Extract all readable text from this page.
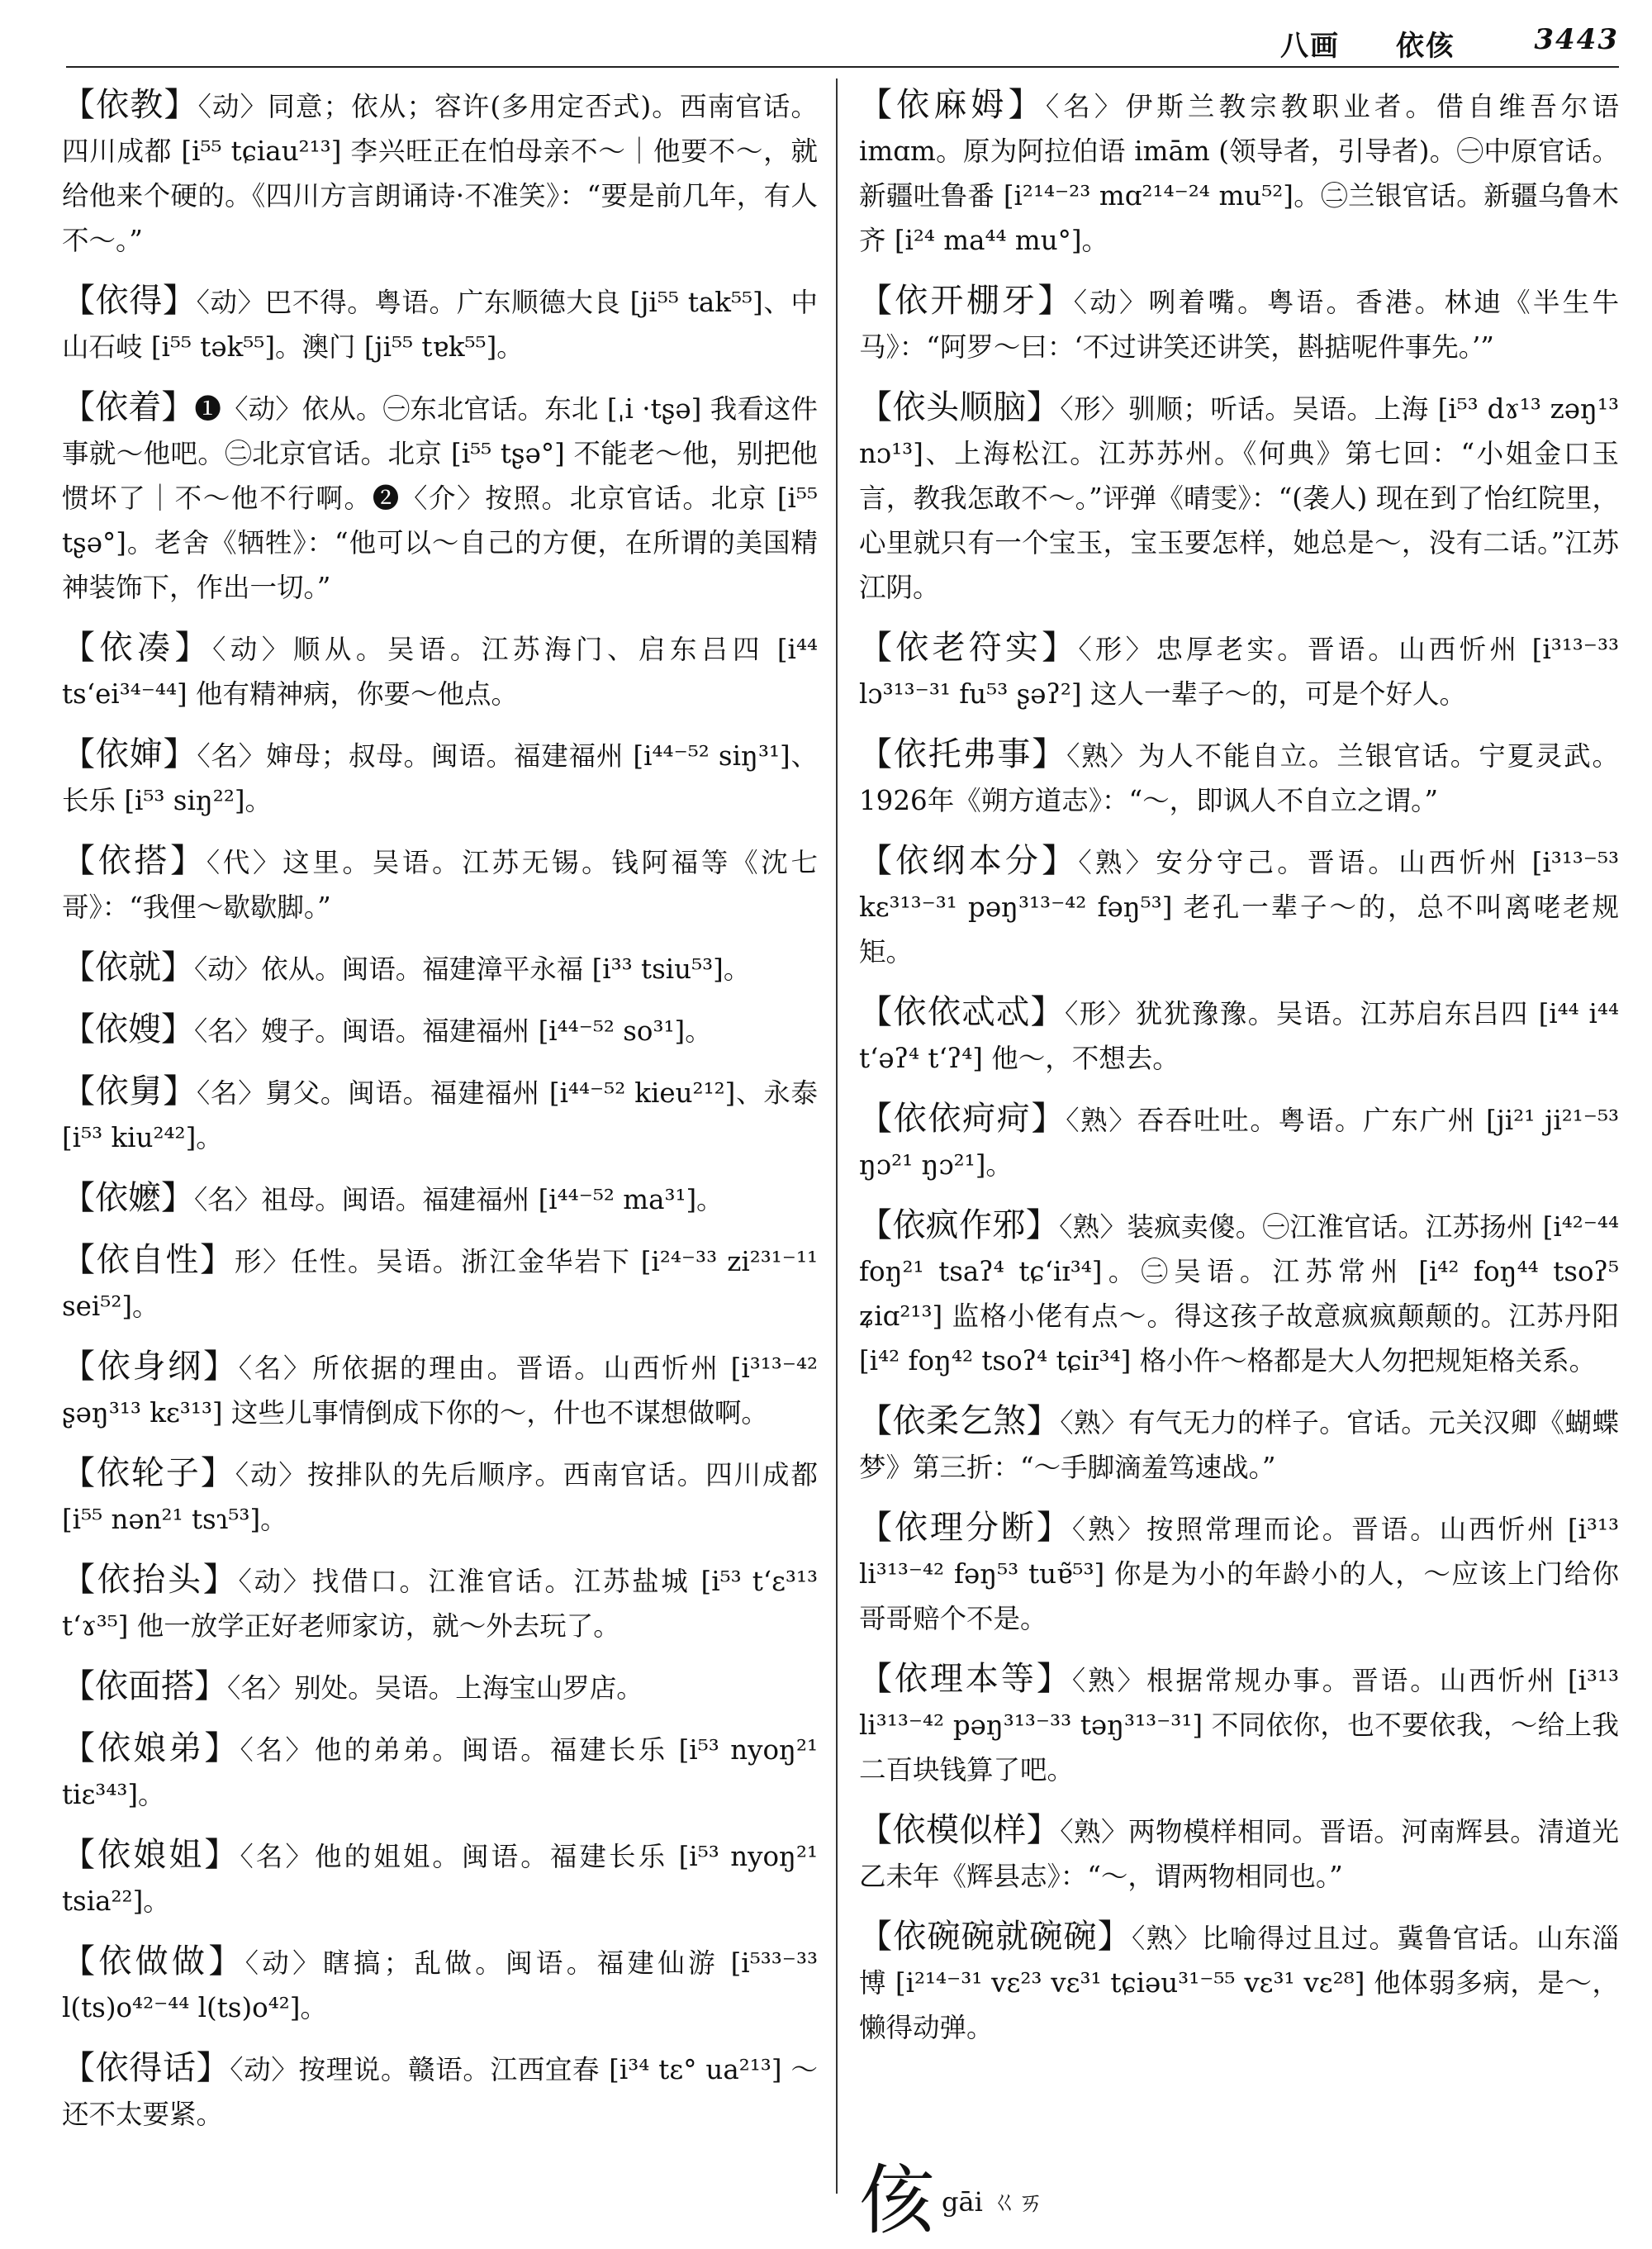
八画 依侅	3443
【 依教 】 〈动〉同意；依从；容许(多用定否式)。西南官话。四川成都 [i⁵⁵ tɕiau²¹³] 李兴旺正在怕母亲不～｜他要不～，就给他来个硬的。《四川方言朗诵诗·不准笑》：“要是前几年，有人不～。”
【 依得 】 〈动〉巴不得。粤语。广东顺德大良 [ji⁵⁵ tak⁵⁵]、中山石岐 [i⁵⁵ tək⁵⁵]。澳门 [ji⁵⁵ tɐk⁵⁵]。
【 依着 】 ❶〈动〉依从。㊀东北官话。东北 [ˌi ·tʂə] 我看这件事就～他吧。㊁北京官话。北京 [i⁵⁵ tʂə°] 不能老～他，别把他惯坏了｜不～他不行啊。❷〈介〉按照。北京官话。北京 [i⁵⁵ tʂə°]。老舍《牺牲》：“他可以～自己的方便，在所谓的美国精神装饰下，作出一切。”
【 依凑 】 〈动〉顺从。吴语。江苏海门、启东吕四 [i⁴⁴ ts‘ei³⁴⁻⁴⁴] 他有精神病，你要～他点。
【 依婶 】 〈名〉婶母；叔母。闽语。福建福州 [i⁴⁴⁻⁵² siŋ³¹]、长乐 [i⁵³ siŋ²²]。
【 依搭 】 〈代〉这里。吴语。江苏无锡。钱阿福等《沈七哥》：“我俚～歇歇脚。”
【 依就 】 〈动〉依从。闽语。福建漳平永福 [i³³ tsiu⁵³]。
【 依嫂 】 〈名〉嫂子。闽语。福建福州 [i⁴⁴⁻⁵² so³¹]。
【 依舅 】 〈名〉舅父。闽语。福建福州 [i⁴⁴⁻⁵² kieu²¹²]、永泰 [i⁵³ kiu²⁴²]。
【 依嬷 】 〈名〉祖母。闽语。福建福州 [i⁴⁴⁻⁵² ma³¹]。
【 依自性 】 形〉任性。吴语。浙江金华岩下 [i²⁴⁻³³ zi²³¹⁻¹¹ sei⁵²]。
【 依身纲 】 〈名〉所依据的理由。晋语。山西忻州 [i³¹³⁻⁴² ʂəŋ³¹³ kɛ³¹³] 这些儿事情倒成下你的～，什也不谋想做啊。
【 依轮子 】 〈动〉按排队的先后顺序。西南官话。四川成都 [i⁵⁵ nən²¹ tsɿ⁵³]。
【 依抬头 】 〈动〉找借口。江淮官话。江苏盐城 [i⁵³ t‘ɛ³¹³ t‘ɤ³⁵] 他一放学正好老师家访，就～外去玩了。
【 依面搭 】 〈名〉别处。吴语。上海宝山罗店。
【 依娘弟 】 〈名〉他的弟弟。闽语。福建长乐 [i⁵³ nyoŋ²¹ tiɛ³⁴³]。
【 依娘姐 】 〈名〉他的姐姐。闽语。福建长乐 [i⁵³ nyoŋ²¹ tsia²²]。
【 依做做 】 〈动〉瞎搞；乱做。闽语。福建仙游 [i⁵³³⁻³³ l(ts)o⁴²⁻⁴⁴ l(ts)o⁴²]。
【 依得话 】 〈动〉按理说。赣语。江西宜春 [i³⁴ tɛ° ua²¹³] ～还不太要紧。
【 依麻姆 】 〈名〉伊斯兰教宗教职业者。借自维吾尔语 imɑm。原为阿拉伯语 imām (领导者，引导者)。㊀中原官话。新疆吐鲁番 [i²¹⁴⁻²³ mɑ²¹⁴⁻²⁴ mu⁵²]。㊁兰银官话。新疆乌鲁木齐 [i²⁴ ma⁴⁴ mu°]。
【 依开棚牙 】 〈动〉咧着嘴。粤语。香港。林迪《半生牛马》：“阿罗～曰：‘不过讲笑还讲笑，斟掂呢件事先。’”
【 依头顺脑 】 〈形〉驯顺；听话。吴语。上海 [i⁵³ dɤ¹³ zəŋ¹³ nɔ¹³]、上海松江。江苏苏州。《何典》第七回：“小姐金口玉言，教我怎敢不～。”评弹《晴雯》：“(袭人) 现在到了怡红院里，心里就只有一个宝玉，宝玉要怎样，她总是～，没有二话。”江苏江阴。
【 依老符实 】 〈形〉忠厚老实。晋语。山西忻州 [i³¹³⁻³³ lɔ³¹³⁻³¹ fu⁵³ ʂəʔ²] 这人一辈子～的，可是个好人。
【 依托弗事 】 〈熟〉为人不能自立。兰银官话。宁夏灵武。1926年《朔方道志》：“～，即讽人不自立之谓。”
【 依纲本分 】 〈熟〉安分守己。晋语。山西忻州 [i³¹³⁻⁵³ kɛ³¹³⁻³¹ pəŋ³¹³⁻⁴² fəŋ⁵³] 老孔一辈子～的，总不叫离咾老规矩。
【 依依忒忒 】 〈形〉犹犹豫豫。吴语。江苏启东吕四 [i⁴⁴ i⁴⁴ t‘əʔ⁴ t‘ʔ⁴] 他～，不想去。
【 依依疴疴 】 〈熟〉吞吞吐吐。粤语。广东广州 [ji²¹ ji²¹⁻⁵³ ŋɔ²¹ ŋɔ²¹]。
【 依疯作邪 】 〈熟〉装疯卖傻。㊀江淮官话。江苏扬州 [i⁴²⁻⁴⁴ foŋ²¹ tsaʔ⁴ tɕ‘iɪ³⁴]。㊁吴语。江苏常州 [i⁴² foŋ⁴⁴ tsoʔ⁵ ʑiɑ²¹³] 监格小佬有点～。得这孩子故意疯疯颠颠的。江苏丹阳 [i⁴² foŋ⁴² tsoʔ⁴ tɕiɪ³⁴] 格小仵～格都是大人勿把规矩格关系。
【 依柔乞煞 】 〈熟〉有气无力的样子。官话。元关汉卿《蝴蝶梦》第三折：“～手脚滴羞笃速战。”
【 依理分断 】 〈熟〉按照常理而论。晋语。山西忻州 [i³¹³ li³¹³⁻⁴² fəŋ⁵³ tuɐ̃⁵³] 你是为小的年龄小的人，～应该上门给你哥哥赔个不是。
【 依理本等 】 〈熟〉根据常规办事。晋语。山西忻州 [i³¹³ li³¹³⁻⁴² pəŋ³¹³⁻³³ təŋ³¹³⁻³¹] 不同依你，也不要依我，～给上我二百块钱算了吧。
【 依模似样 】 〈熟〉两物模样相同。晋语。河南辉县。清道光乙未年《辉县志》：“～，谓两物相同也。”
【 依碗碗就碗碗 】 〈熟〉比喻得过且过。冀鲁官话。山东淄博 [i²¹⁴⁻³¹ vɛ²³ vɛ³¹ tɕiəu³¹⁻⁵⁵ vɛ³¹ vɛ²⁸] 他体弱多病，是～，懒得动弹。
侅 gāi ㄍㄞ
